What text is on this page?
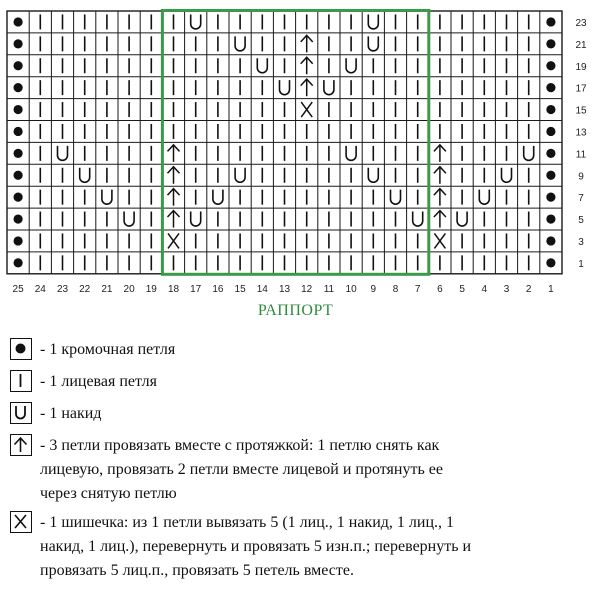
23
21
19
17
15
13
11
9
7
5
3
1
25 24 23 22 21 20 19 18 17 16 15 14 13 12 11 10 9 8 7 6 5 4 3 2 1
РАППОРТ
- 1 кромочная петля
- 1 лицевая петля
- 1 накид
- 3 петли провязать вместе с протяжкой: 1 петлю снять как
лицевую, провязать 2 петли вместе лицевой и протянуть ее
через снятую петлю
- 1 шишечка: из 1 петли вывязать 5 (1 лиц., 1 накид, 1 лиц., 1
накид, 1 лиц.), перевернуть и провязать 5 изн.п.; перевернуть и
провязать 5 лиц.п., провязать 5 петель вместе.
